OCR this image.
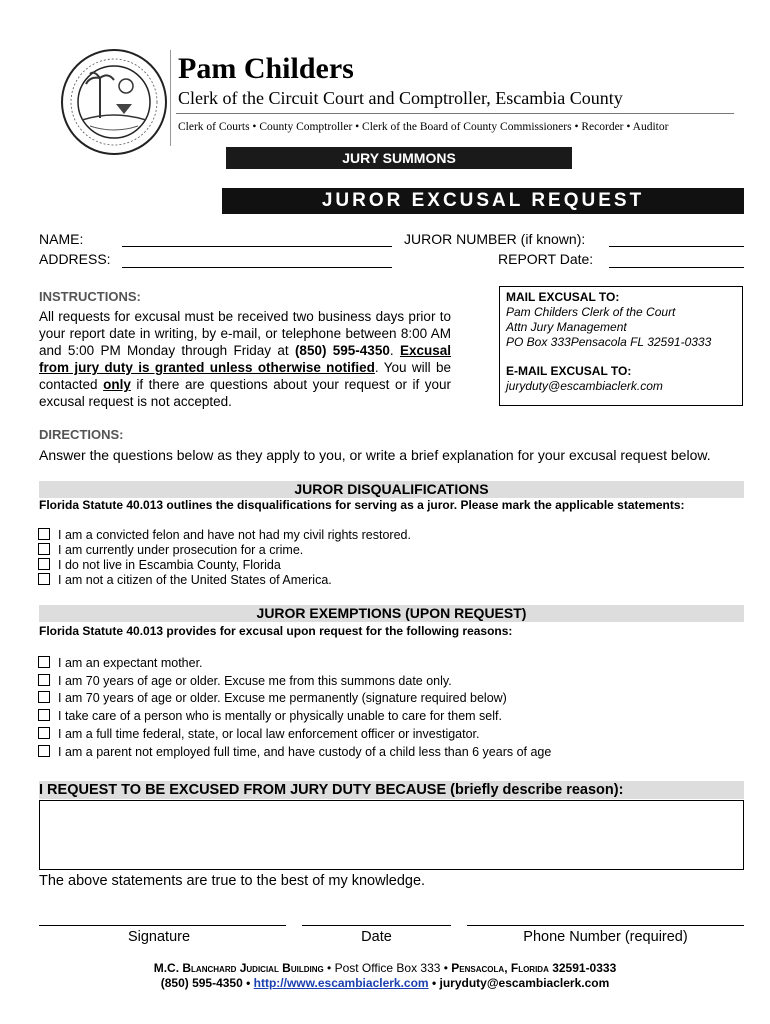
Pam Childers
Clerk of the Circuit Court and Comptroller, Escambia County
Clerk of Courts • County Comptroller • Clerk of the Board of County Commissioners • Recorder • Auditor
JURY SUMMONS
JUROR EXCUSAL REQUEST
NAME:
ADDRESS:
JUROR NUMBER (if known):
REPORT Date:
INSTRUCTIONS:
All requests for excusal must be received two business days prior to your report date in writing, by e-mail, or telephone between 8:00 AM and 5:00 PM Monday through Friday at (850) 595-4350. Excusal from jury duty is granted unless otherwise notified. You will be contacted only if there are questions about your request or if your excusal request is not accepted.
MAIL EXCUSAL TO:
Pam Childers Clerk of the Court
Attn Jury Management
PO Box 333Pensacola FL 32591-0333
E-MAIL EXCUSAL TO:
juryduty@escambiaclerk.com
DIRECTIONS:
Answer the questions below as they apply to you, or write a brief explanation for your excusal request below.
JUROR DISQUALIFICATIONS
Florida Statute 40.013 outlines the disqualifications for serving as a juror. Please mark the applicable statements:
I am a convicted felon and have not had my civil rights restored.
I am currently under prosecution for a crime.
I do not live in Escambia County, Florida
I am not a citizen of the United States of America.
JUROR EXEMPTIONS (UPON REQUEST)
Florida Statute 40.013 provides for excusal upon request for the following reasons:
I am an expectant mother.
I am 70 years of age or older. Excuse me from this summons date only.
I am 70 years of age or older. Excuse me permanently (signature required below)
I take care of a person who is mentally or physically unable to care for them self.
I am a full time federal, state, or local law enforcement officer or investigator.
I am a parent not employed full time, and have custody of a child less than 6 years of age
I REQUEST TO BE EXCUSED FROM JURY DUTY BECAUSE (briefly describe reason):
The above statements are true to the best of my knowledge.
Signature	Date	Phone Number (required)
M.C. Blanchard Judicial Building • Post Office Box 333 • Pensacola, Florida 32591-0333
(850) 595-4350 • http://www.escambiaclerk.com • juryduty@escambiaclerk.com
